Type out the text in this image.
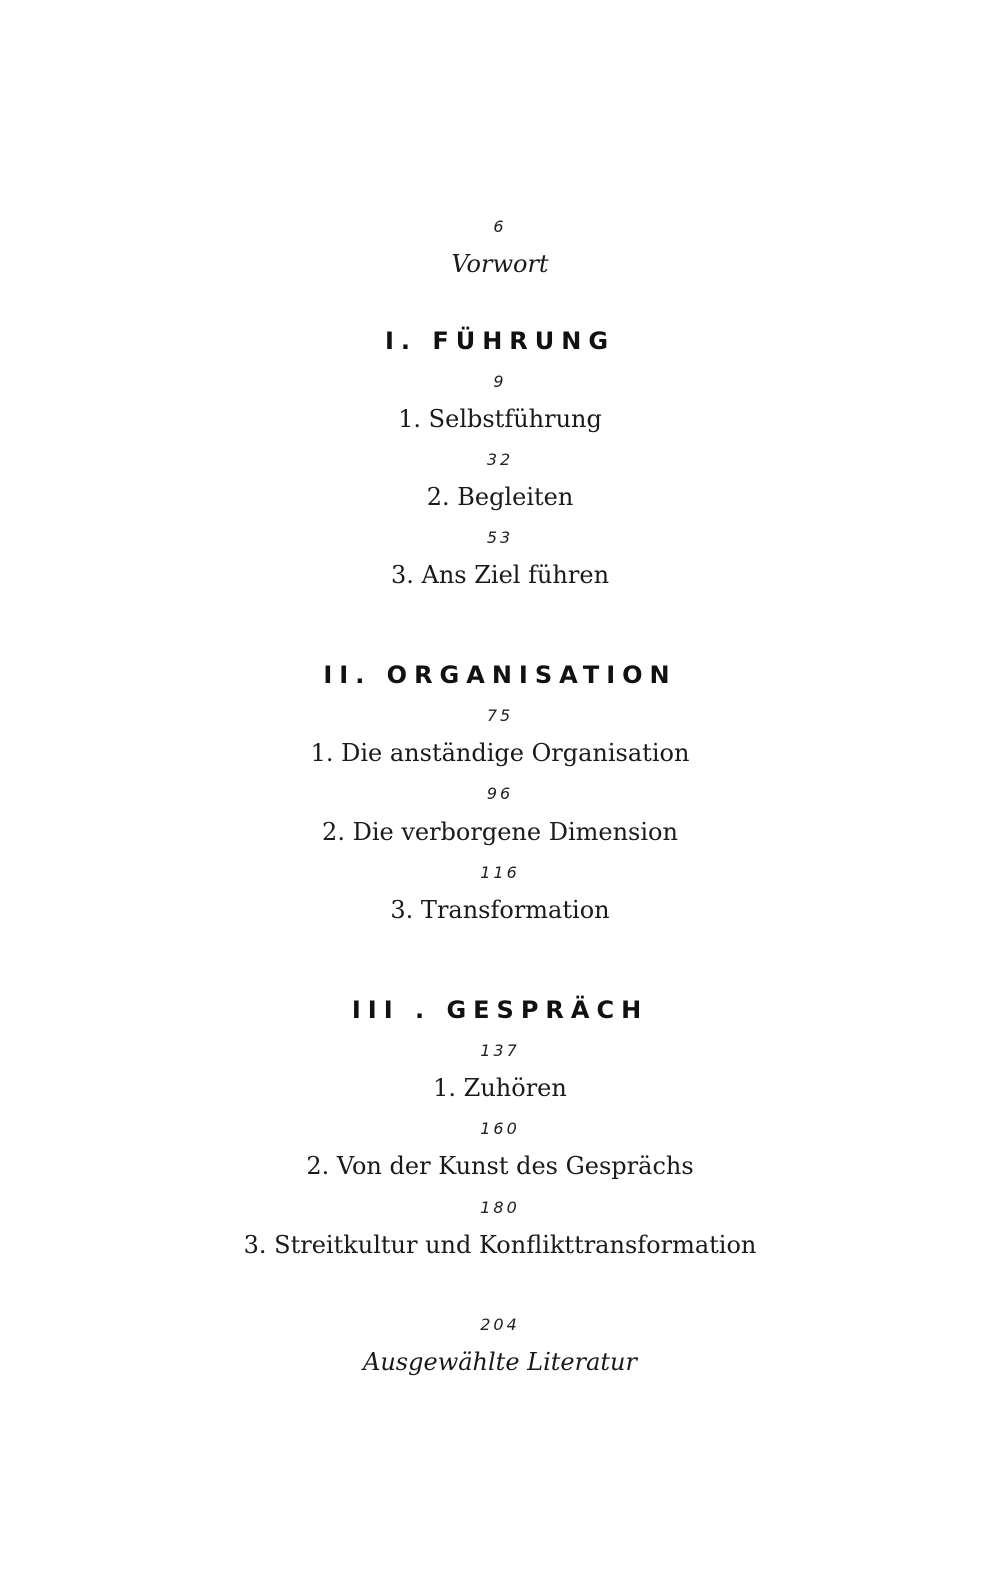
6
Vorwort
I. FÜHRUNG
9
1. Selbstführung
32
2. Begleiten
53
3. Ans Ziel führen
II. ORGANISATION
75
1. Die anständige Organisation
96
2. Die verborgene Dimension
116
3. Transformation
III . GESPRÄCH
137
1. Zuhören
160
2. Von der Kunst des Gesprächs
180
3. Streitkultur und Konflikttransformation
204
Ausgewählte Literatur
